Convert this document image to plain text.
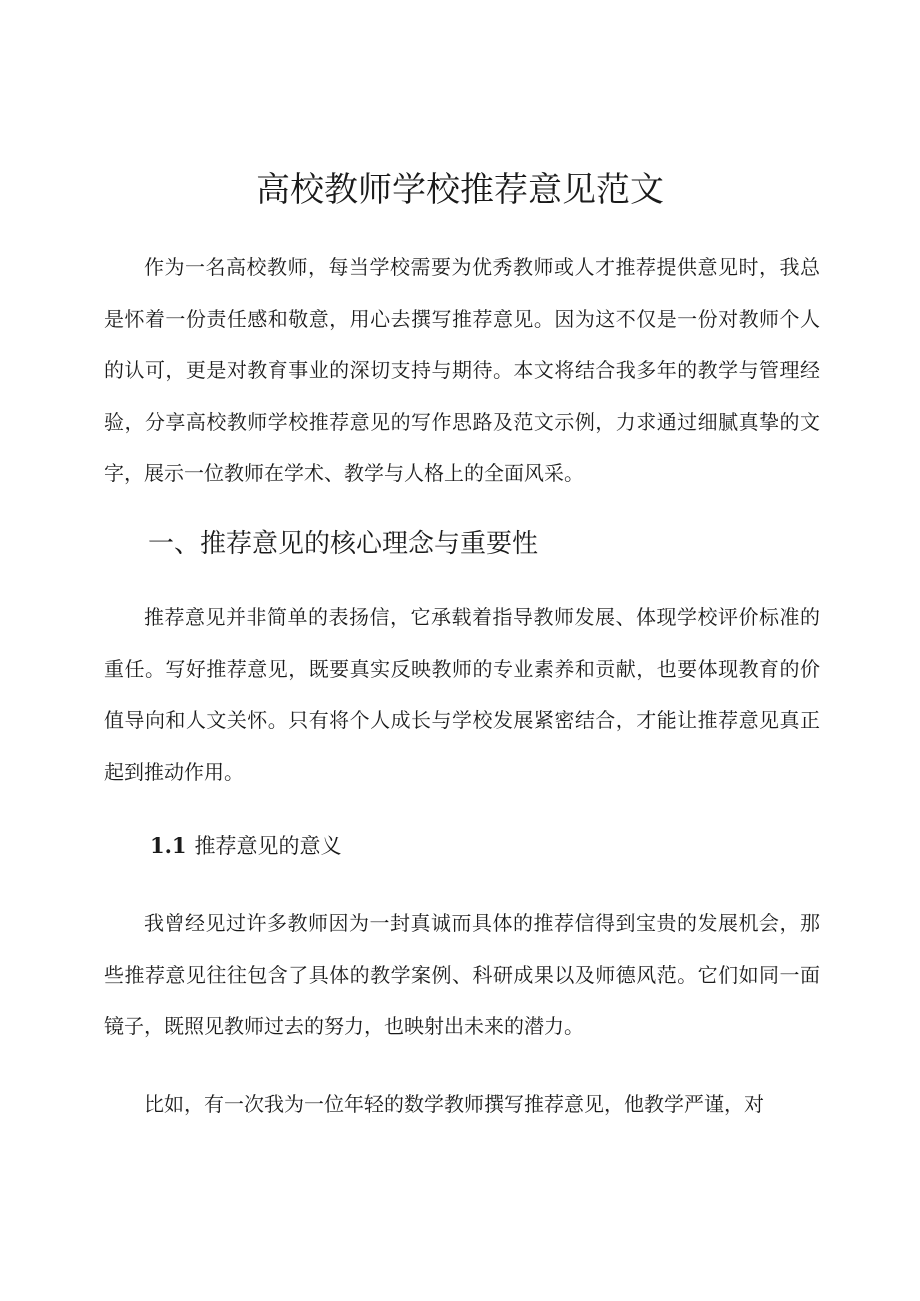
高校教师学校推荐意见范文

作为一名高校教师，每当学校需要为优秀教师或人才推荐提供意见时，我总是怀着一份责任感和敬意，用心去撰写推荐意见。因为这不仅是一份对教师个人的认可，更是对教育事业的深切支持与期待。本文将结合我多年的教学与管理经验，分享高校教师学校推荐意见的写作思路及范文示例，力求通过细腻真挚的文字，展示一位教师在学术、教学与人格上的全面风采。

一、推荐意见的核心理念与重要性

推荐意见并非简单的表扬信，它承载着指导教师发展、体现学校评价标准的重任。写好推荐意见，既要真实反映教师的专业素养和贡献，也要体现教育的价值导向和人文关怀。只有将个人成长与学校发展紧密结合，才能让推荐意见真正起到推动作用。

1.1 推荐意见的意义

我曾经见过许多教师因为一封真诚而具体的推荐信得到宝贵的发展机会，那些推荐意见往往包含了具体的教学案例、科研成果以及师德风范。它们如同一面镜子，既照见教师过去的努力，也映射出未来的潜力。

比如，有一次我为一位年轻的数学教师撰写推荐意见，他教学严谨，对
